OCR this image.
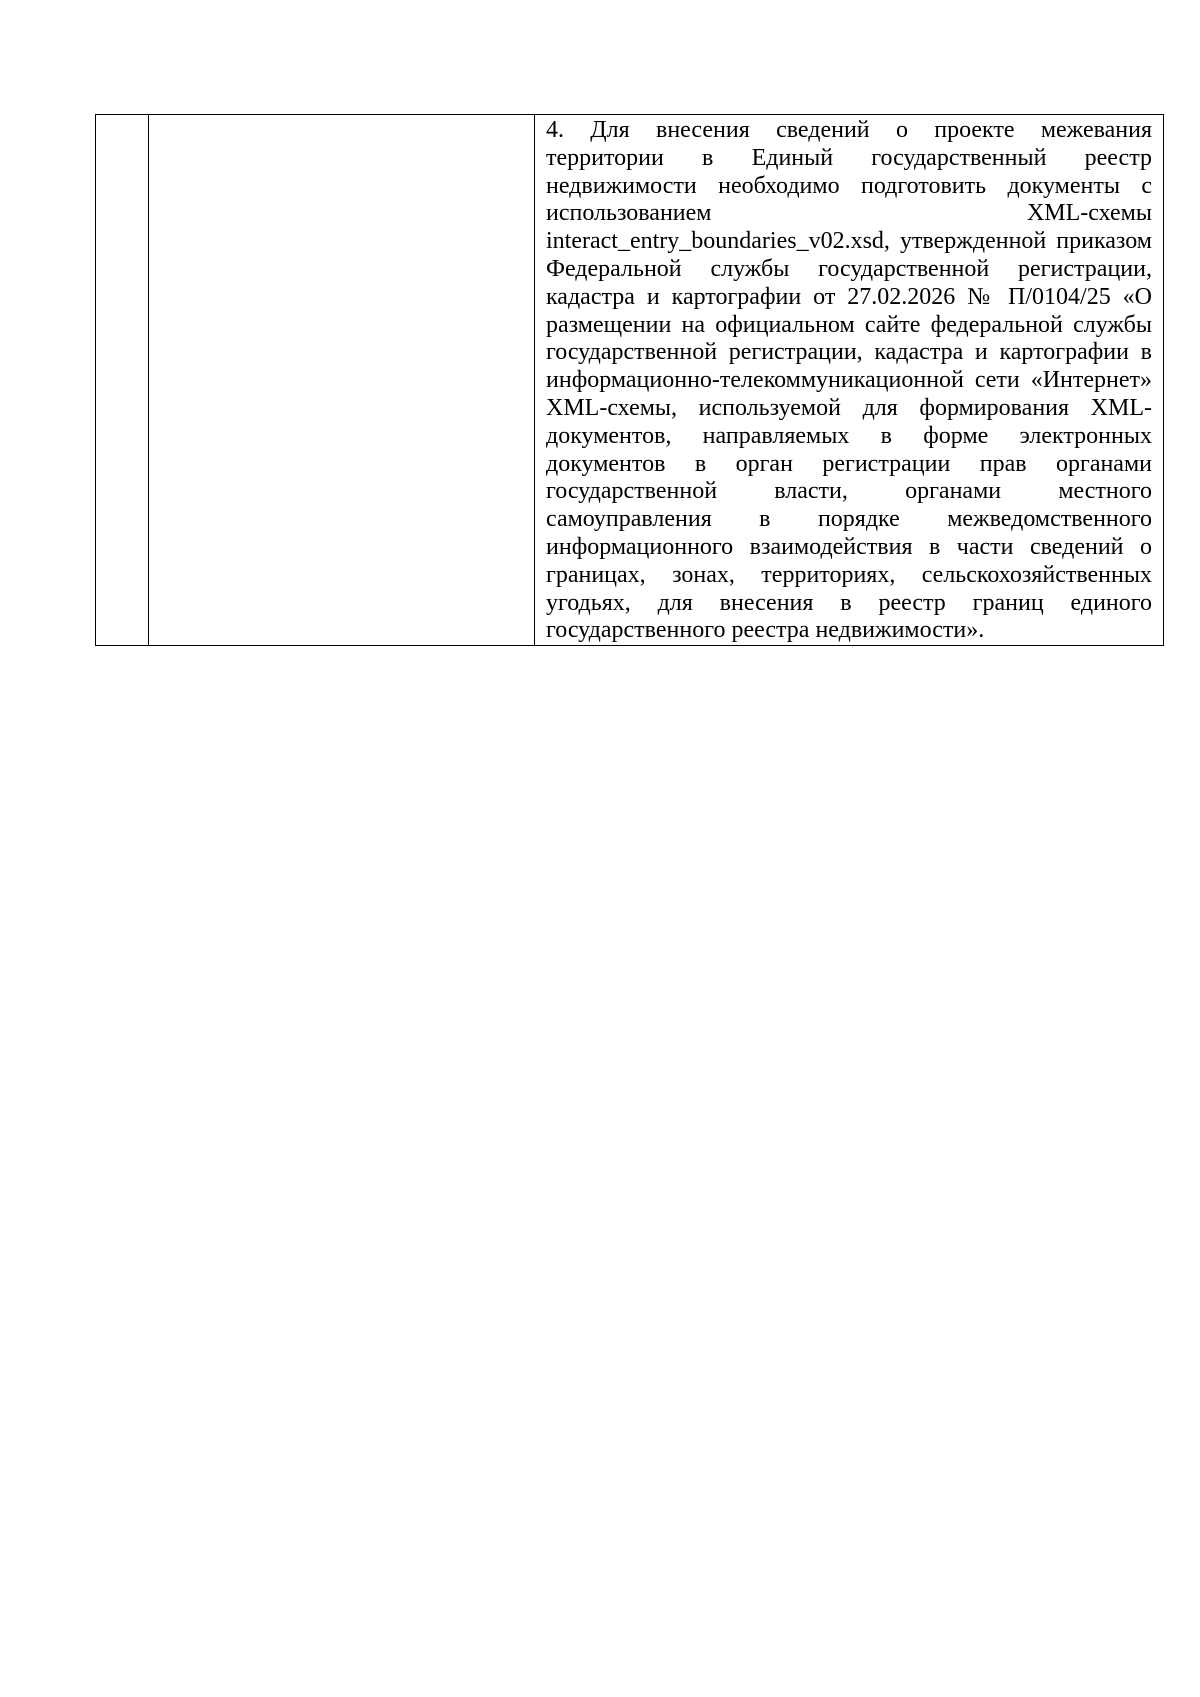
4. Для внесения сведений о проекте межевания территории в Единый государственный реестр недвижимости необходимо подготовить документы с использованием XML-схемы interact_entry_boundaries_v02.xsd, утвержденной приказом Федеральной службы государственной регистрации, кадастра и картографии от 27.02.2026 № П/0104/25 «О размещении на официальном сайте федеральной службы государственной регистрации, кадастра и картографии в информационно-телекоммуникационной сети «Интернет» XML-схемы, используемой для формирования XML-документов, направляемых в форме электронных документов в орган регистрации прав органами государственной власти, органами местного самоуправления в порядке межведомственного информационного взаимодействия в части сведений о границах, зонах, территориях, сельскохозяйственных угодьях, для внесения в реестр границ единого государственного реестра недвижимости».
